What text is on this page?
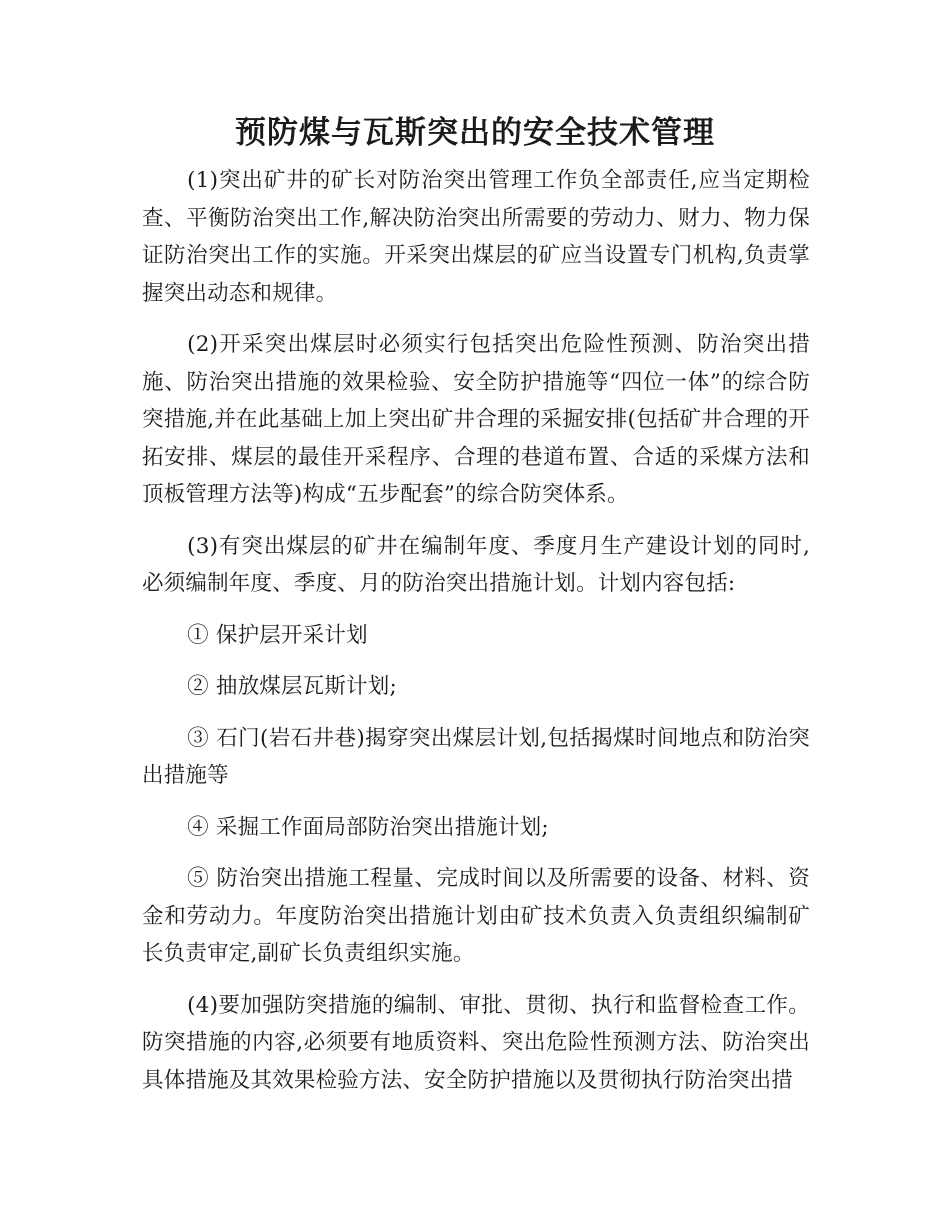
预防煤与瓦斯突出的安全技术管理

(1)突出矿井的矿长对防治突出管理工作负全部责任,应当定期检查、平衡防治突出工作,解决防治突出所需要的劳动力、财力、物力保证防治突出工作的实施。开采突出煤层的矿应当设置专门机构,负责掌握突出动态和规律。

(2)开采突出煤层时必须实行包括突出危险性预测、防治突出措施、防治突出措施的效果检验、安全防护措施等“四位一体”的综合防突措施,并在此基础上加上突出矿井合理的采掘安排(包括矿井合理的开拓安排、煤层的最佳开采程序、合理的巷道布置、合适的采煤方法和顶板管理方法等)构成“五步配套”的综合防突体系。

(3)有突出煤层的矿井在编制年度、季度月生产建设计划的同时,必须编制年度、季度、月的防治突出措施计划。计划内容包括:

① 保护层开采计划

② 抽放煤层瓦斯计划;

③ 石门(岩石井巷)揭穿突出煤层计划,包括揭煤时间地点和防治突出措施等

④ 采掘工作面局部防治突出措施计划;

⑤ 防治突出措施工程量、完成时间以及所需要的设备、材料、资金和劳动力。年度防治突出措施计划由矿技术负责入负责组织编制矿长负责审定,副矿长负责组织实施。

(4)要加强防突措施的编制、审批、贯彻、执行和监督检查工作。防突措施的内容,必须要有地质资料、突出危险性预测方法、防治突出具体措施及其效果检验方法、安全防护措施以及贯彻执行防治突出措
